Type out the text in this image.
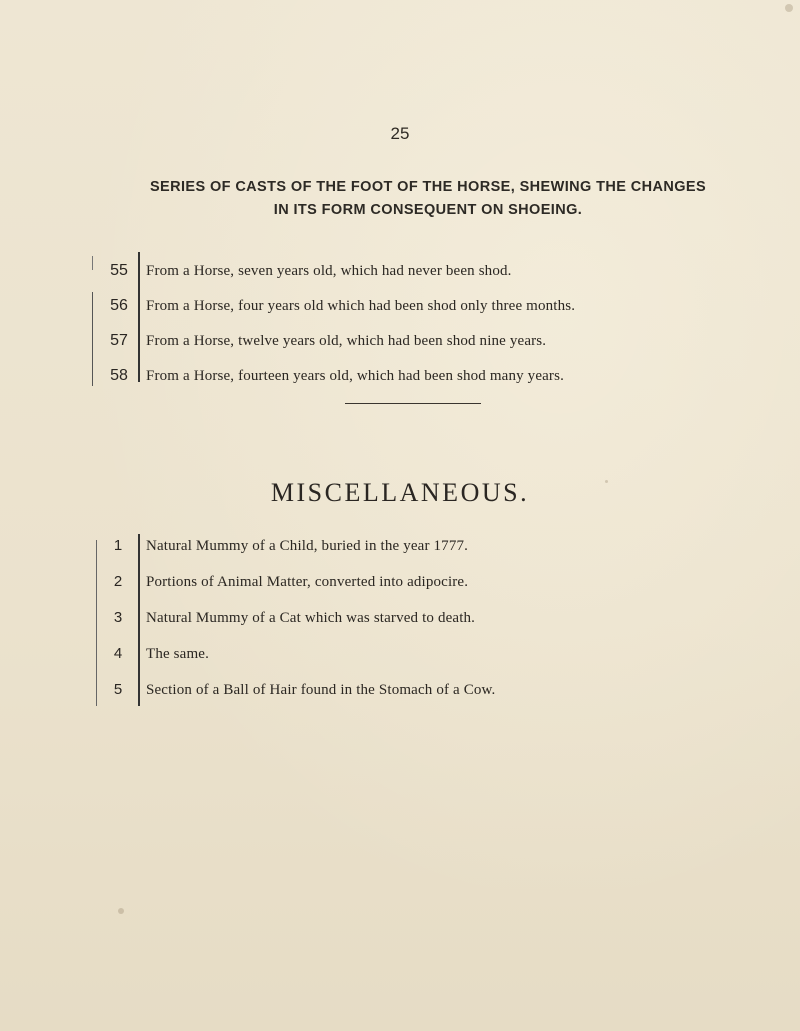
25
SERIES OF CASTS OF THE FOOT OF THE HORSE, SHEWING THE CHANGES
IN ITS FORM CONSEQUENT ON SHOEING.
55	From a Horse, seven years old, which had never been shod.
56	From a Horse, four years old which had been shod only three months.
57	From a Horse, twelve years old, which had been shod nine years.
58	From a Horse, fourteen years old, which had been shod many years.
MISCELLANEOUS.
1	Natural Mummy of a Child, buried in the year 1777.
2	Portions of Animal Matter, converted into adipocire.
3	Natural Mummy of a Cat which was starved to death.
4	The same.
5	Section of a Ball of Hair found in the Stomach of a Cow.
